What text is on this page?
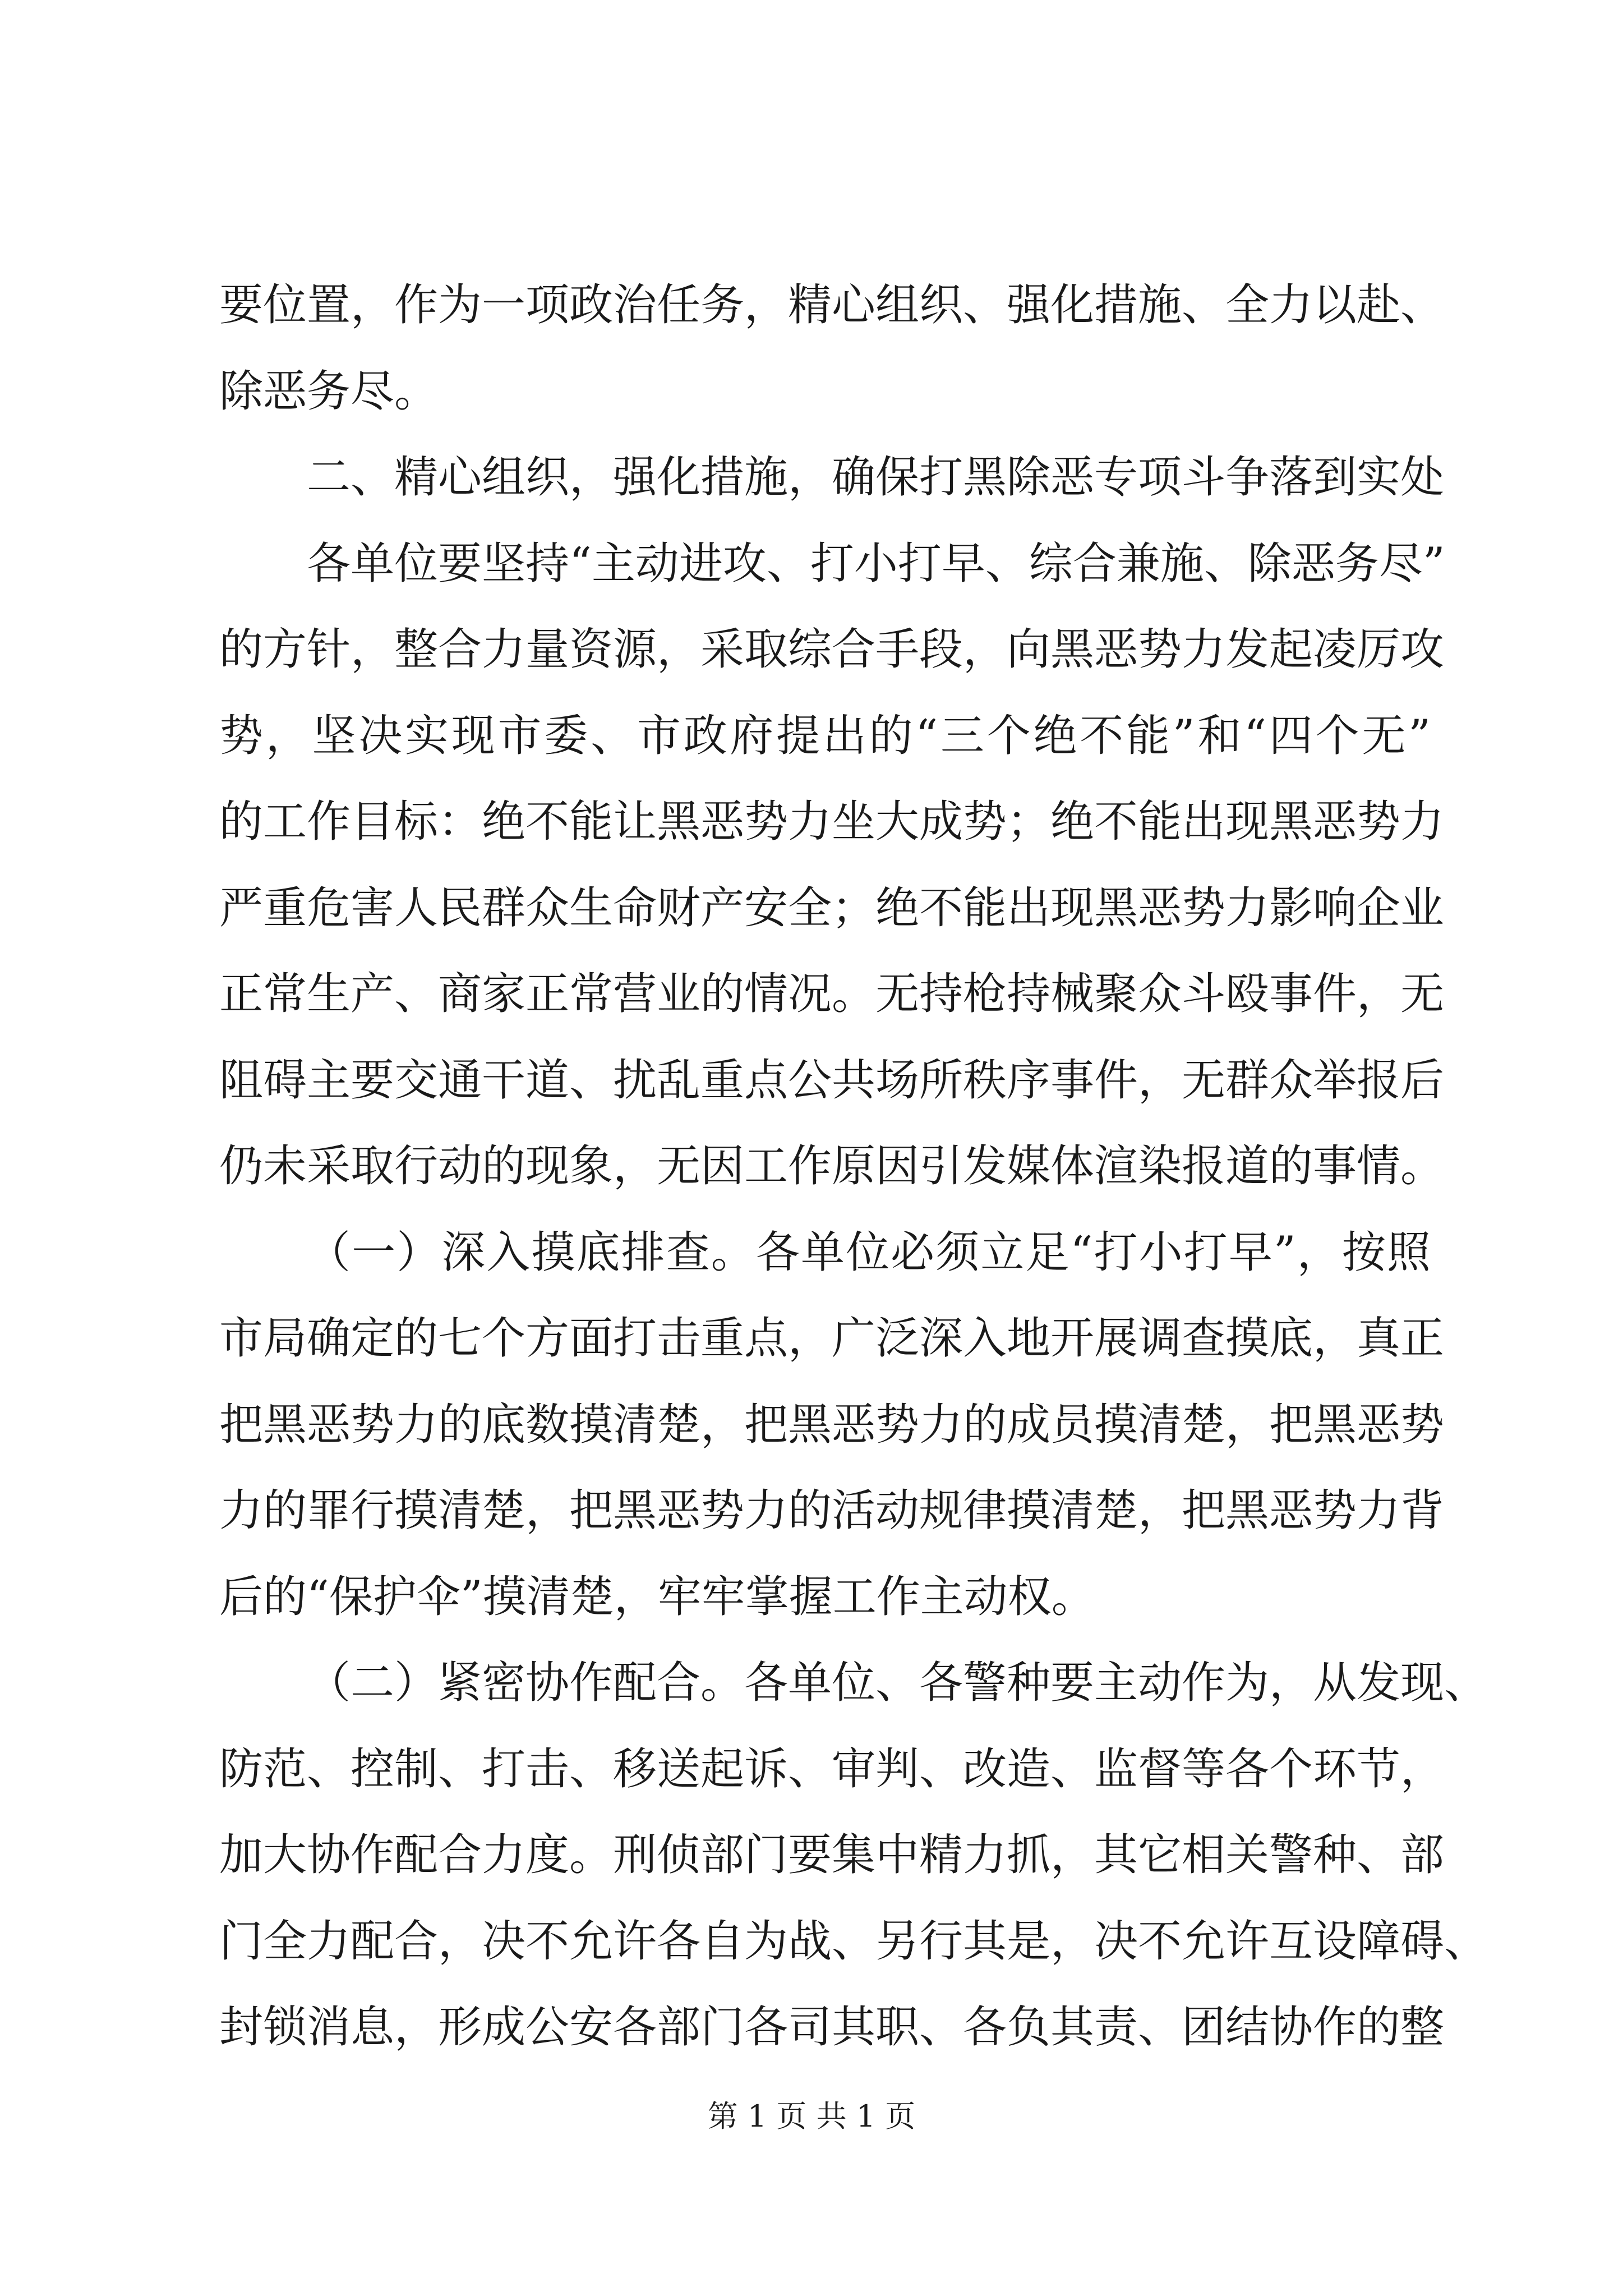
要位置，作为一项政治任务，精心组织、强化措施、全力以赴、
除恶务尽。
二、精心组织，强化措施，确保打黑除恶专项斗争落到实处
各单位要坚持“主动进攻、打小打早、综合兼施、除恶务尽”
的方针，整合力量资源，采取综合手段，向黑恶势力发起凌厉攻
势，坚决实现市委、市政府提出的“三个绝不能”和“四个无”
的工作目标：绝不能让黑恶势力坐大成势；绝不能出现黑恶势力
严重危害人民群众生命财产安全；绝不能出现黑恶势力影响企业
正常生产、商家正常营业的情况。无持枪持械聚众斗殴事件，无
阻碍主要交通干道、扰乱重点公共场所秩序事件，无群众举报后
仍未采取行动的现象，无因工作原因引发媒体渲染报道的事情。
（一）深入摸底排查。各单位必须立足“打小打早”，按照
市局确定的七个方面打击重点，广泛深入地开展调查摸底，真正
把黑恶势力的底数摸清楚，把黑恶势力的成员摸清楚，把黑恶势
力的罪行摸清楚，把黑恶势力的活动规律摸清楚，把黑恶势力背
后的“保护伞”摸清楚，牢牢掌握工作主动权。
（二）紧密协作配合。各单位、各警种要主动作为，从发现、
防范、控制、打击、移送起诉、审判、改造、监督等各个环节，
加大协作配合力度。刑侦部门要集中精力抓，其它相关警种、部
门全力配合，决不允许各自为战、另行其是，决不允许互设障碍、
封锁消息，形成公安各部门各司其职、各负其责、团结协作的整
第 1 页 共 1 页
